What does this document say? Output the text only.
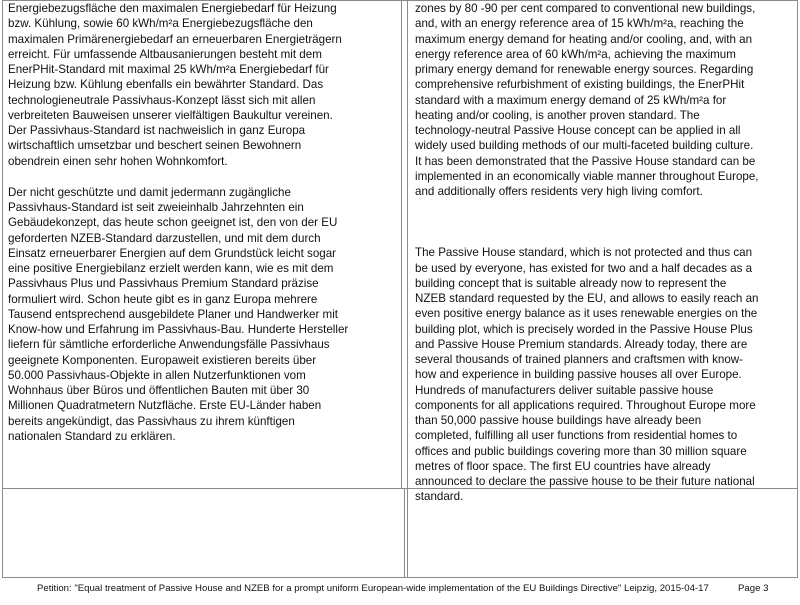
Energiebezugsfläche den maximalen Energiebedarf für Heizung
bzw. Kühlung, sowie 60 kWh/m²a Energiebezugsfläche den
maximalen Primärenergiebedarf an erneuerbaren Energieträgern
erreicht. Für umfassende Altbausanierungen besteht mit dem
EnerPHit-Standard mit maximal 25 kWh/m²a Energiebedarf für
Heizung bzw. Kühlung ebenfalls ein bewährter Standard. Das
technologieneutrale Passivhaus-Konzept lässt sich mit allen
verbreiteten Bauweisen unserer vielfältigen Baukultur vereinen.
Der Passivhaus-Standard ist nachweislich in ganz Europa
wirtschaftlich umsetzbar und beschert seinen Bewohnern
obendrein einen sehr hohen Wohnkomfort.

Der nicht geschützte und damit jedermann zugängliche
Passivhaus-Standard ist seit zweieinhalb Jahrzehnten ein
Gebäudekonzept, das heute schon geeignet ist, den von der EU
geforderten NZEB-Standard darzustellen, und mit dem durch
Einsatz erneuerbarer Energien auf dem Grundstück leicht sogar
eine positive Energiebilanz erzielt werden kann, wie es mit dem
Passivhaus Plus und Passivhaus Premium Standard präzise
formuliert wird. Schon heute gibt es in ganz Europa mehrere
Tausend entsprechend ausgebildete Planer und Handwerker mit
Know-how und Erfahrung im Passivhaus-Bau. Hunderte Hersteller
liefern für sämtliche erforderliche Anwendungsfälle Passivhaus
geeignete Komponenten. Europaweit existieren bereits über
50.000 Passivhaus-Objekte in allen Nutzerfunktionen vom
Wohnhaus über Büros und öffentlichen Bauten mit über 30
Millionen Quadratmetern Nutzfläche. Erste EU-Länder haben
bereits angekündigt, das Passivhaus zu ihrem künftigen
nationalen Standard zu erklären.

zones by 80 -90 per cent compared to conventional new buildings,
and, with an energy reference area of 15 kWh/m²a, reaching the
maximum energy demand for heating and/or cooling, and, with an
energy reference area of 60 kWh/m²a, achieving the maximum
primary energy demand for renewable energy sources. Regarding
comprehensive refurbishment of existing buildings, the EnerPHit
standard with a maximum energy demand of 25 kWh/m²a for
heating and/or cooling, is another proven standard. The
technology-neutral Passive House concept can be applied in all
widely used building methods of our multi-faceted building culture.
It has been demonstrated that the Passive House standard can be
implemented in an economically viable manner throughout Europe,
and additionally offers residents very high living comfort.

The Passive House standard, which is not protected and thus can
be used by everyone, has existed for two and a half decades as a
building concept that is suitable already now to represent the
NZEB standard requested by the EU, and allows to easily reach an
even positive energy balance as it uses renewable energies on the
building plot, which is precisely worded in the Passive House Plus
and Passive House Premium standards. Already today, there are
several thousands of trained planners and craftsmen with know-
how and experience in building passive houses all over Europe.
Hundreds of manufacturers deliver suitable passive house
components for all applications required. Throughout Europe more
than 50,000 passive house buildings have already been
completed, fulfilling all user functions from residential homes to
offices and public buildings covering more than 30 million square
metres of floor space. The first EU countries have already
announced to declare the passive house to be their future national
standard.

Petition: "Equal treatment of Passive House and NZEB for a prompt uniform European-wide implementation of the EU Buildings Directive" Leipzig, 2015-04-17	Page 3
